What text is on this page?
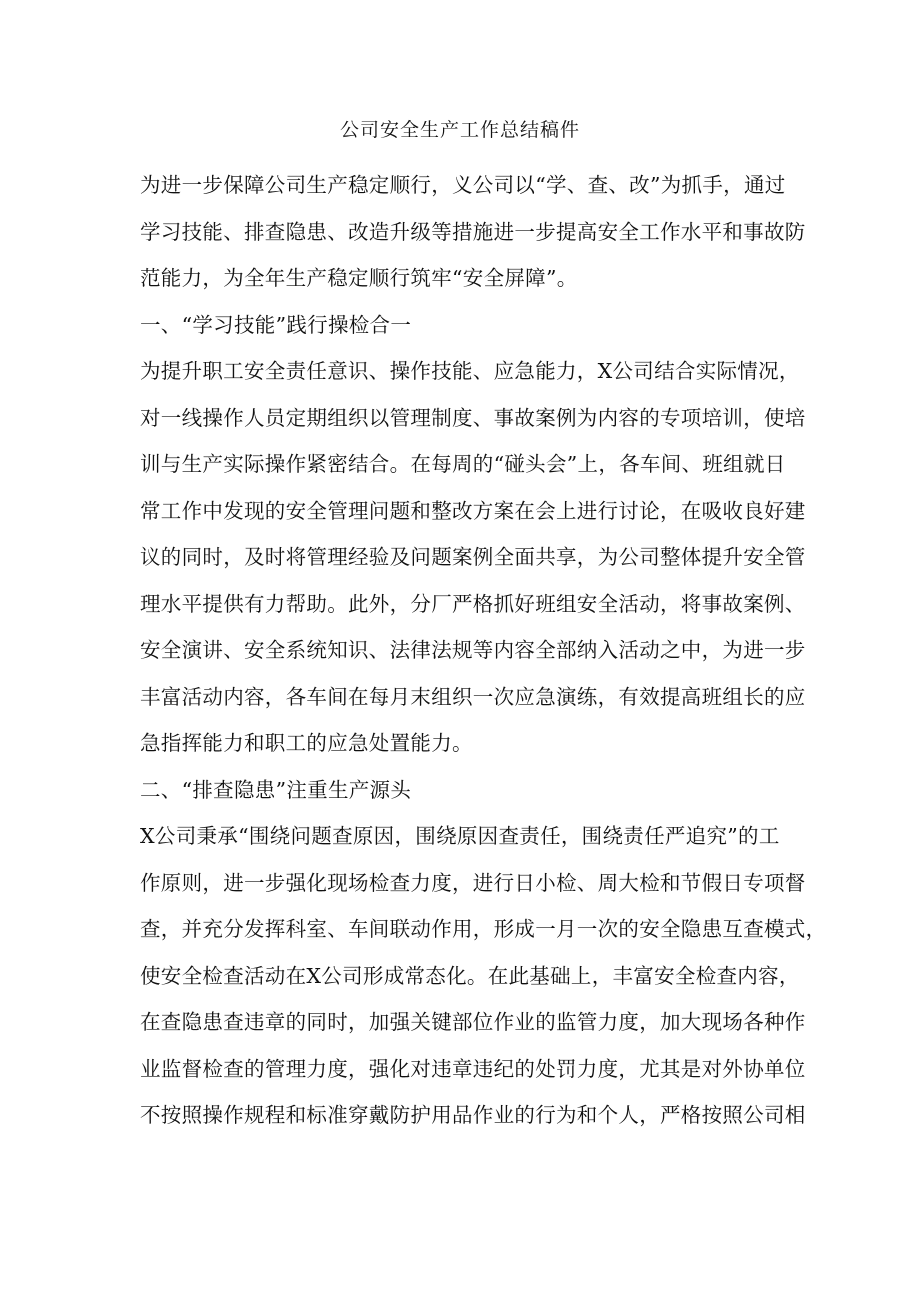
公司安全生产工作总结稿件
为进一步保障公司生产稳定顺行，义公司以“学、查、改”为抓手，通过
学习技能、排查隐患、改造升级等措施进一步提高安全工作水平和事故防
范能力，为全年生产稳定顺行筑牢“安全屏障”。
一、“学习技能”践行操检合一
为提升职工安全责任意识、操作技能、应急能力，X公司结合实际情况，
对一线操作人员定期组织以管理制度、事故案例为内容的专项培训，使培
训与生产实际操作紧密结合。在每周的“碰头会”上，各车间、班组就日
常工作中发现的安全管理问题和整改方案在会上进行讨论，在吸收良好建
议的同时，及时将管理经验及问题案例全面共享，为公司整体提升安全管
理水平提供有力帮助。此外，分厂严格抓好班组安全活动，将事故案例、
安全演讲、安全系统知识、法律法规等内容全部纳入活动之中，为进一步
丰富活动内容，各车间在每月末组织一次应急演练，有效提高班组长的应
急指挥能力和职工的应急处置能力。
二、“排查隐患”注重生产源头
X公司秉承“围绕问题查原因，围绕原因查责任，围绕责任严追究”的工
作原则，进一步强化现场检查力度，进行日小检、周大检和节假日专项督
查，并充分发挥科室、车间联动作用，形成一月一次的安全隐患互查模式，
使安全检查活动在X公司形成常态化。在此基础上，丰富安全检查内容，
在查隐患查违章的同时，加强关键部位作业的监管力度，加大现场各种作
业监督检查的管理力度，强化对违章违纪的处罚力度，尤其是对外协单位
不按照操作规程和标准穿戴防护用品作业的行为和个人，严格按照公司相
